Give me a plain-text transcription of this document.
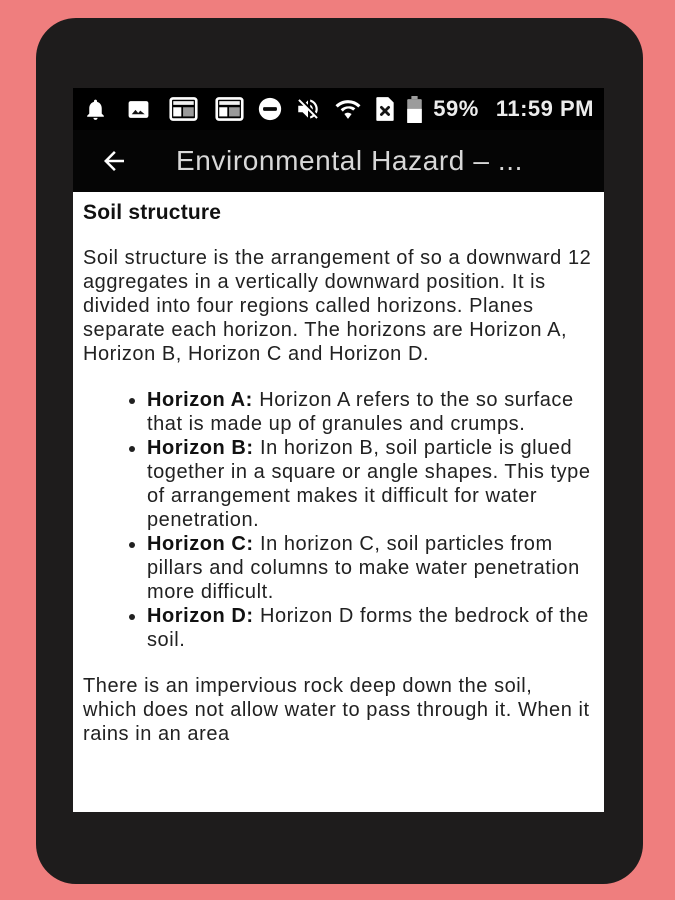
59% 11:59 PM
Environmental Hazard – ...
Soil structure

Soil structure is the arrangement of so a downward 12 aggregates in a vertically downward position. It is divided into four regions called horizons. Planes separate each horizon. The horizons are Horizon A, Horizon B, Horizon C and Horizon D.

• Horizon A: Horizon A refers to the so surface that is made up of granules and crumps.
• Horizon B: In horizon B, soil particle is glued together in a square or angle shapes. This type of arrangement makes it difficult for water penetration.
• Horizon C: In horizon C, soil particles from pillars and columns to make water penetration more difficult.
• Horizon D: Horizon D forms the bedrock of the soil.

There is an impervious rock deep down the soil, which does not allow water to pass through it. When it rains in an area
